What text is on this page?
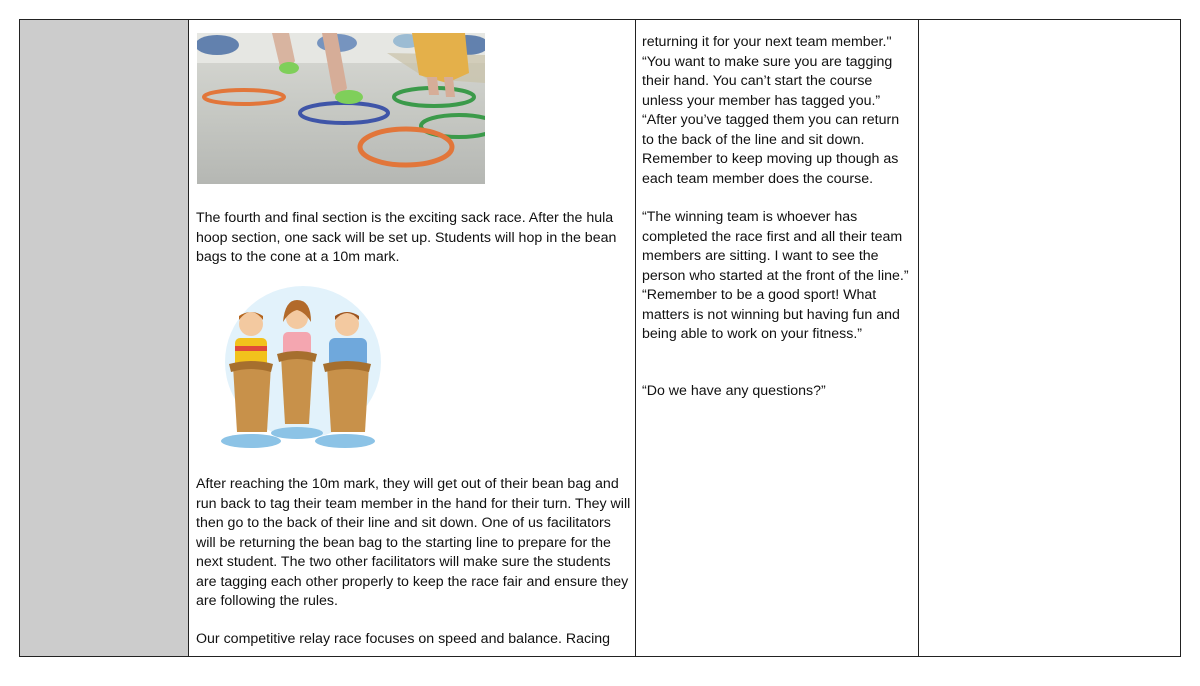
The fourth and final section is the exciting sack race. After the hula hoop section, one sack will be set up. Students will hop in the bean bags to the cone at a 10m mark.
After reaching the 10m mark, they will get out of their bean bag and run back to tag their team member in the hand for their turn. They will then go to the back of their line and sit down. One of us facilitators will be returning the bean bag to the starting line to prepare for the next student. The two other facilitators will make sure the students are tagging each other properly to keep the race fair and ensure they are following the rules.
Our competitive relay race focuses on speed and balance. Racing
returning it for your next team member."
“You want to make sure you are tagging their hand. You can’t start the course unless your member has tagged you.”
“After you’ve tagged them you can return to the back of the line and sit down. Remember to keep moving up though as each team member does the course.
“The winning team is whoever has completed the race first and all their team members are sitting. I want to see the person who started at the front of the line.”
“Remember to be a good sport! What matters is not winning but having fun and being able to work on your fitness.”
“Do we have any questions?”
